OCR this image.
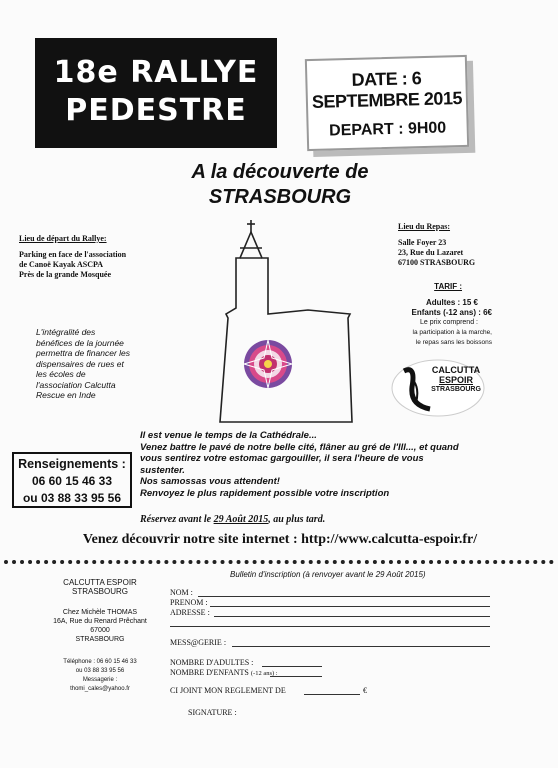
18e RALLYE
PEDESTRE
DATE : 6 SEPTEMBRE 2015
DEPART : 9H00
A la découverte de
STRASBOURG
Lieu de départ du Rallye:
Parking en face de l'association
de Canoë Kayak ASCPA
Près de la grande Mosquée
Lieu du Repas:
Salle Foyer 23
23, Rue du Lazaret
67100 STRASBOURG
TARIF :
Adultes : 15 €
Enfants (-12 ans) : 6€
Le prix comprend :
la participation à la marche,
le repas sans les boissons
L'intégralité des bénéfices de la journée permettra de financer les dispensaires de rues et les écoles de l'association Calcutta Rescue en Inde
CALCUTTA
ESPOIR
STRASBOURG
Renseignements :
06 60 15 46 33
ou 03 88 33 95 56
Il est venue le temps de la Cathédrale...
Venez battre le pavé de notre belle cité, flâner au gré de l'Ill..., et quand vous sentirez votre estomac gargouiller, il sera l'heure de vous sustenter.
Nos samossas vous attendent!
Renvoyez le plus rapidement possible votre inscription
Réservez avant le 29 Août 2015, au plus tard.
Venez découvrir notre site internet : http://www.calcutta-espoir.fr/
Bulletin d'inscription (à renvoyer avant le 29 Août 2015)
CALCUTTA ESPOIR
STRASBOURG
Chez Michèle THOMAS
16A, Rue du Renard Prêchant
67000
STRASBOURG
Téléphone : 06 60 15 46 33
ou 03 88 33 95 56
Messagerie :
thomi_cales@yahoo.fr
NOM :
PRENOM :
ADRESSE :
MESS@GERIE :
NOMBRE D'ADULTES :
NOMBRE D'ENFANTS (-12 ans) :
CI JOINT MON REGLEMENT DE	€
SIGNATURE :
